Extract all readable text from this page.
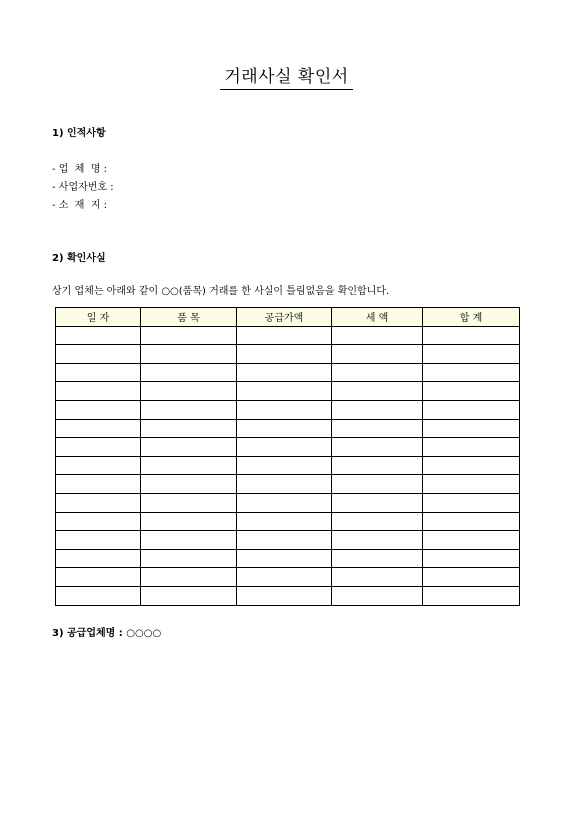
거래사실 확인서
1) 인적사항
- 업  체  명 :
- 사업자번호 :
- 소  재  지 :
2) 확인사실
상기 업체는 아래와 같이 ○○(품목) 거래를 한 사실이 틀림없음을 확인합니다.
일 자	품 목	공급가액	세 액	합 계

3) 공급업체명 : ○○○○
